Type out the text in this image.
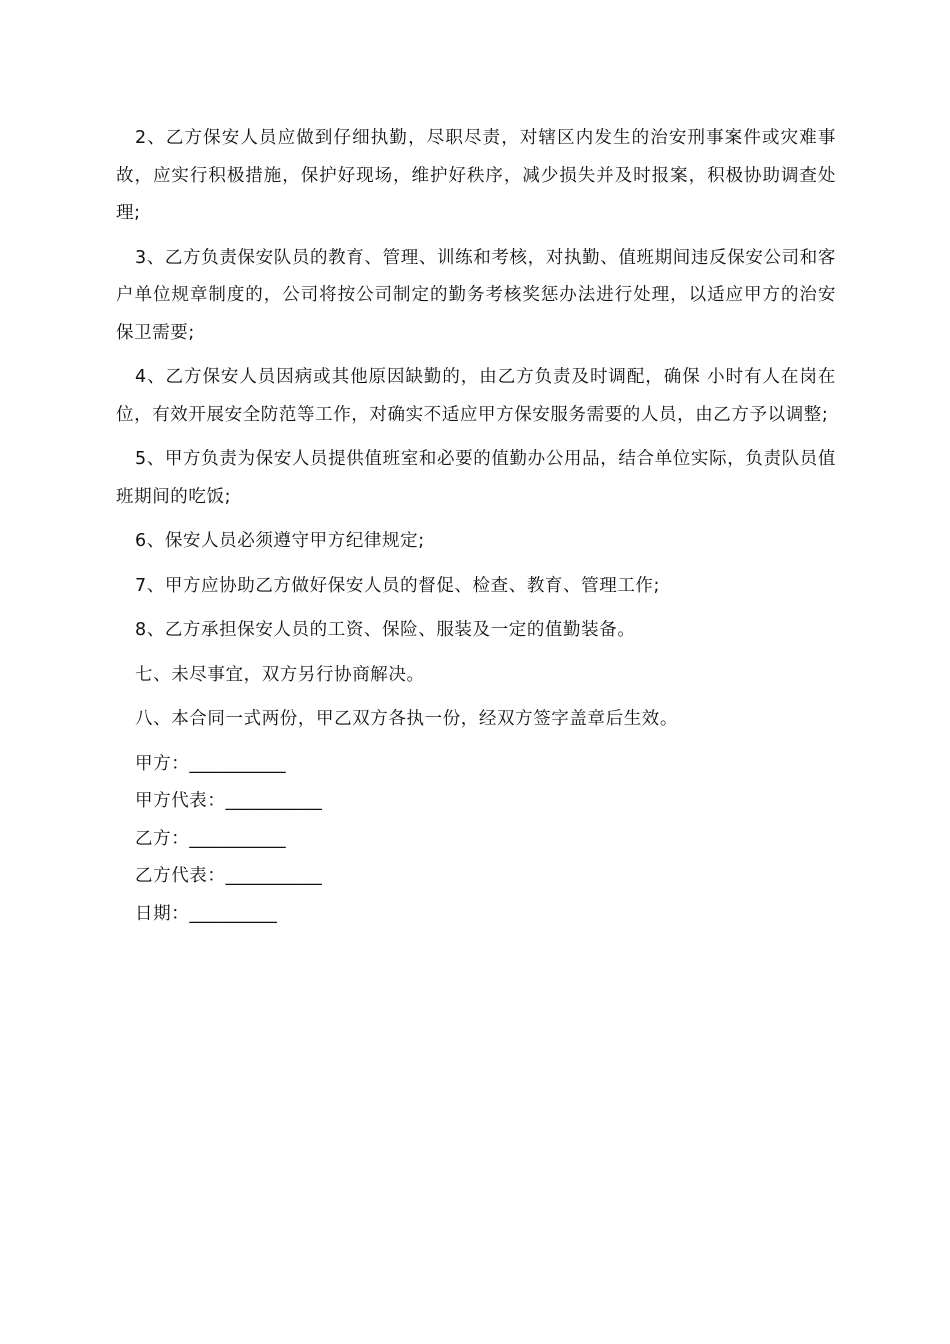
2、乙方保安人员应做到仔细执勤，尽职尽责，对辖区内发生的治安刑事案件或灾难事故，应实行积极措施，保护好现场，维护好秩序，减少损失并及时报案，积极协助调查处理;

3、乙方负责保安队员的教育、管理、训练和考核，对执勤、值班期间违反保安公司和客户单位规章制度的，公司将按公司制定的勤务考核奖惩办法进行处理，以适应甲方的治安保卫需要;

4、乙方保安人员因病或其他原因缺勤的，由乙方负责及时调配，确保 小时有人在岗在位，有效开展安全防范等工作，对确实不适应甲方保安服务需要的人员，由乙方予以调整;

5、甲方负责为保安人员提供值班室和必要的值勤办公用品，结合单位实际，负责队员值班期间的吃饭;

6、保安人员必须遵守甲方纪律规定;

7、甲方应协助乙方做好保安人员的督促、检查、教育、管理工作;

8、乙方承担保安人员的工资、保险、服装及一定的值勤装备。

七、未尽事宜，双方另行协商解决。

八、本合同一式两份，甲乙双方各执一份，经双方签字盖章后生效。

甲方：___________
甲方代表：___________
乙方：___________
乙方代表：___________
日期：__________
